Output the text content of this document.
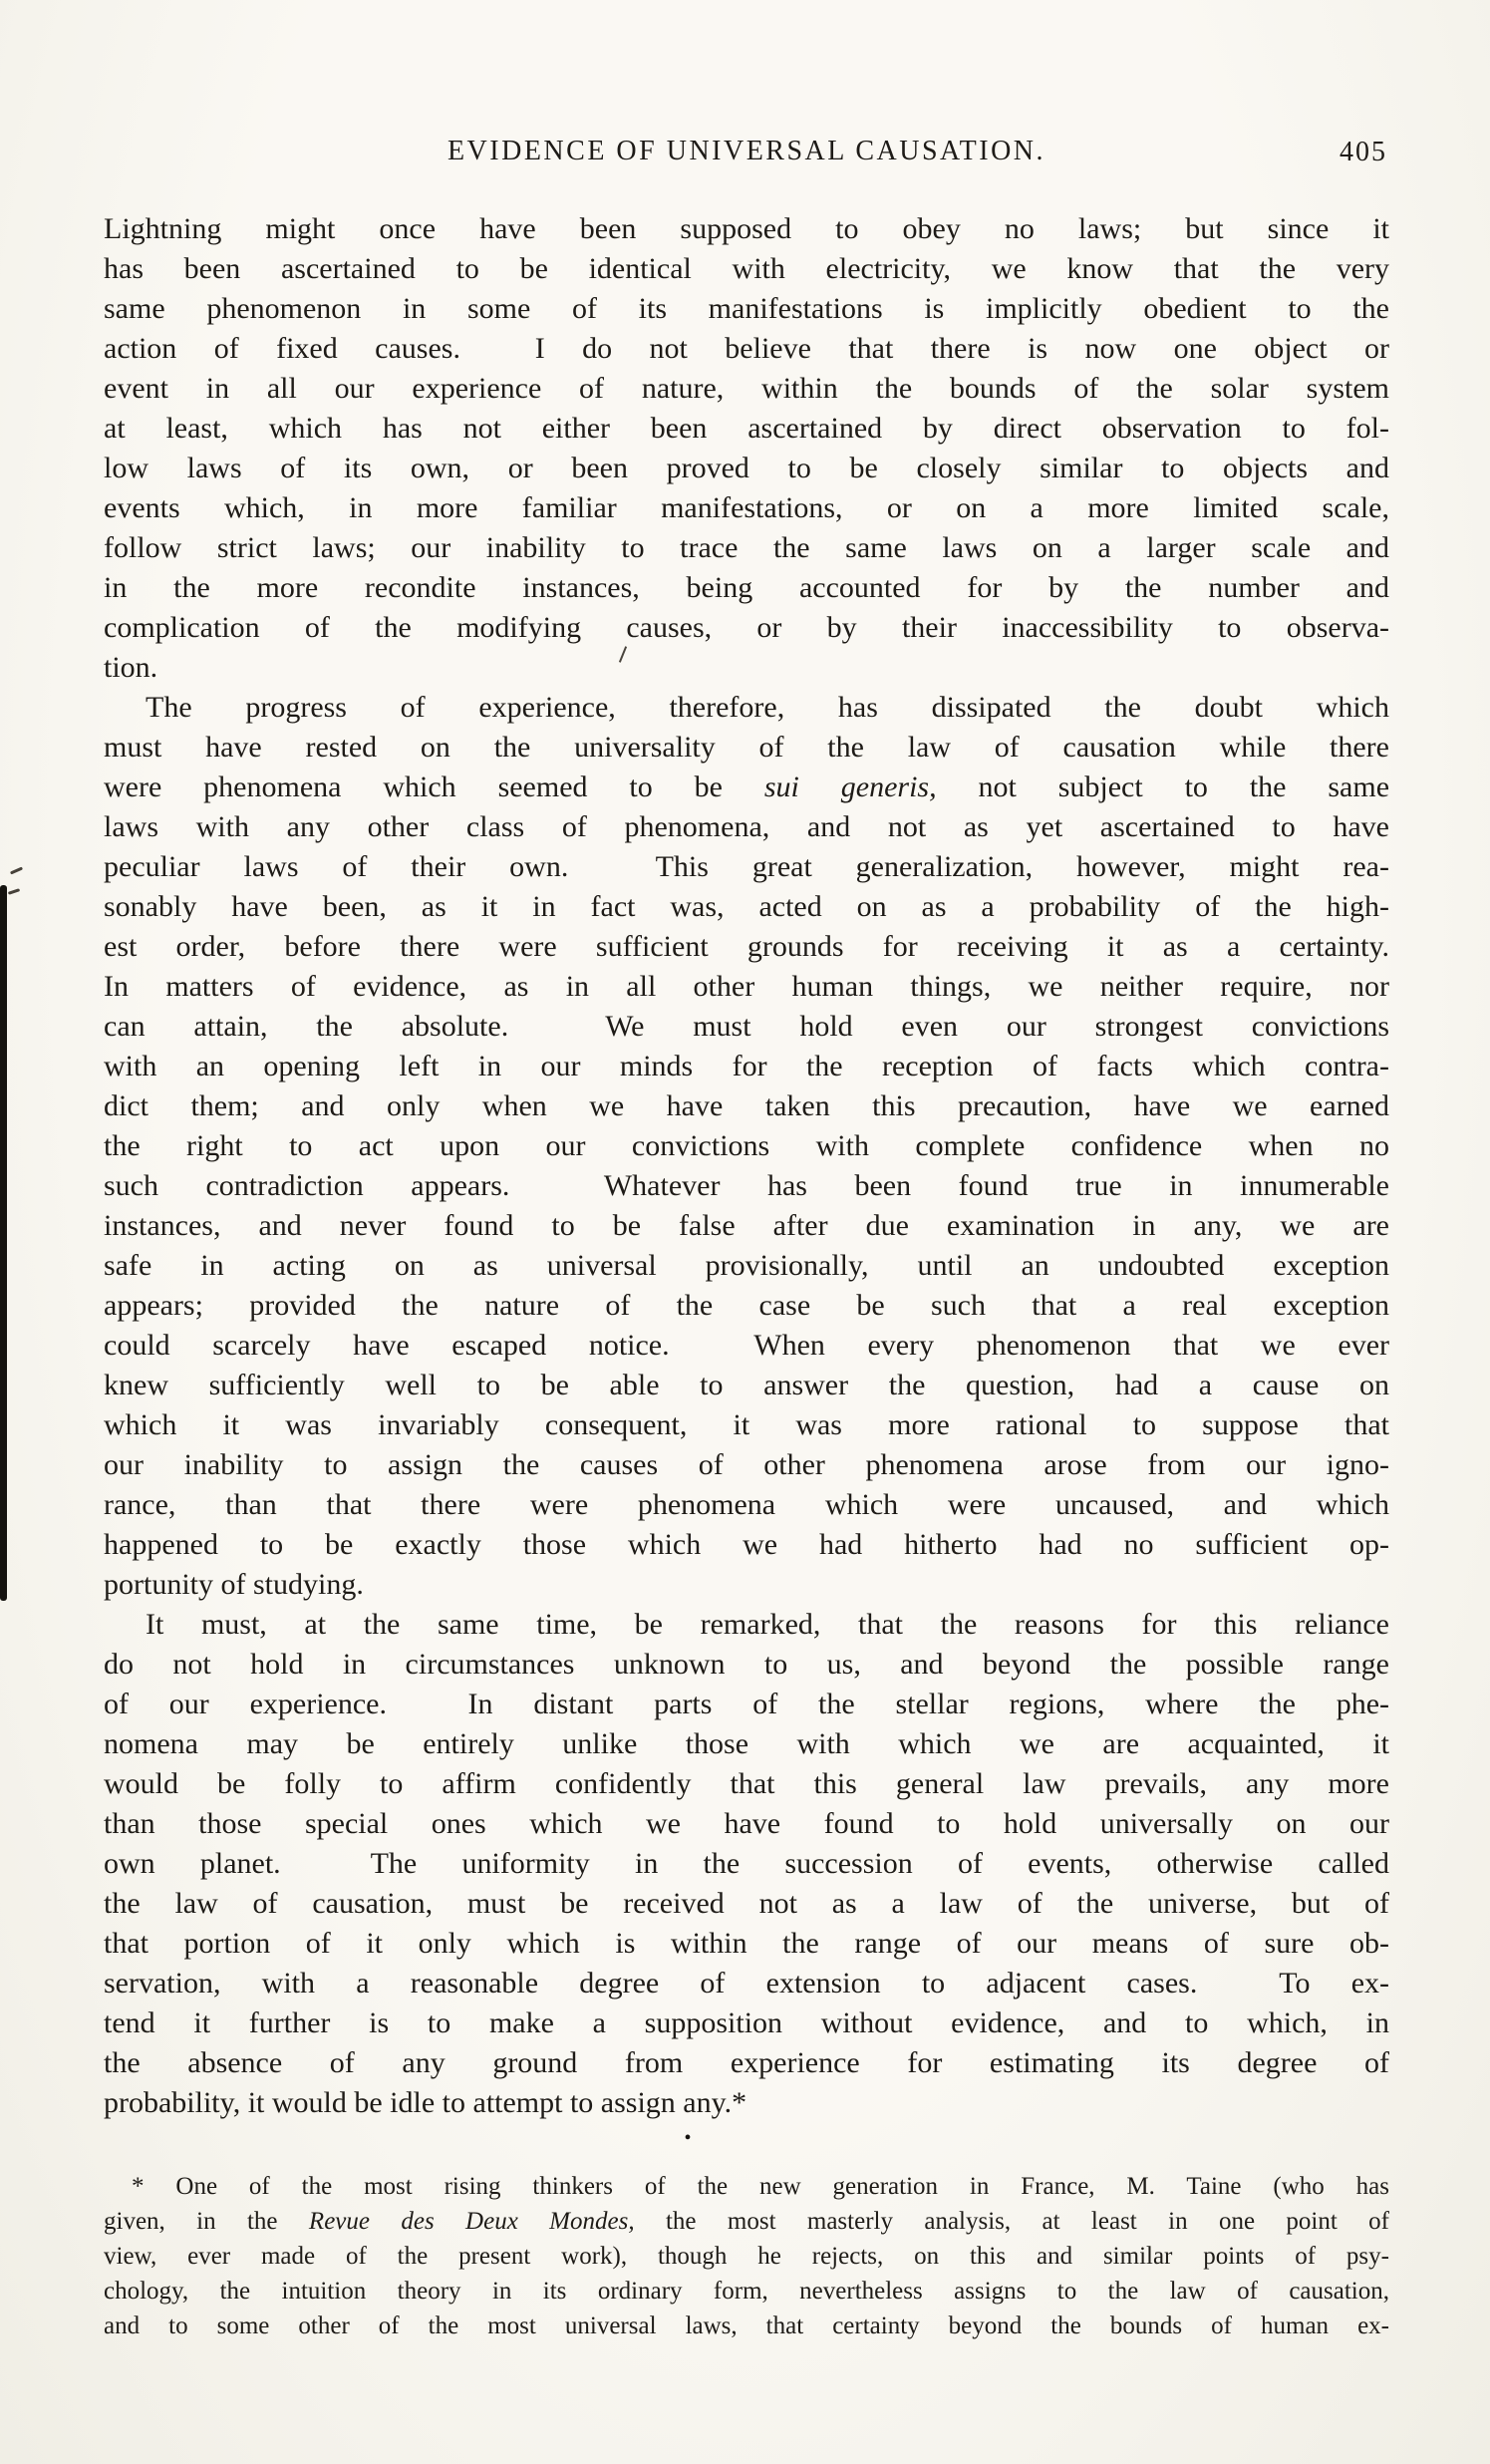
EVIDENCE OF UNIVERSAL CAUSATION.	405
Lightning might once have been supposed to obey no laws; but since it
has been ascertained to be identical with electricity, we know that the very
same phenomenon in some of its manifestations is implicitly obedient to the
action of fixed causes.  I do not believe that there is now one object or
event in all our experience of nature, within the bounds of the solar system
at least, which has not either been ascertained by direct observation to fol-
low laws of its own, or been proved to be closely similar to objects and
events which, in more familiar manifestations, or on a more limited scale,
follow strict laws; our inability to trace the same laws on a larger scale and
in the more recondite instances, being accounted for by the number and
complication of the modifying causes, or by their inaccessibility to observa-
tion.
The progress of experience, therefore, has dissipated the doubt which
must have rested on the universality of the law of causation while there
were phenomena which seemed to be sui generis, not subject to the same
laws with any other class of phenomena, and not as yet ascertained to have
peculiar laws of their own.  This great generalization, however, might rea-
sonably have been, as it in fact was, acted on as a probability of the high-
est order, before there were sufficient grounds for receiving it as a certainty.
In matters of evidence, as in all other human things, we neither require, nor
can attain, the absolute.  We must hold even our strongest convictions
with an opening left in our minds for the reception of facts which contra-
dict them; and only when we have taken this precaution, have we earned
the right to act upon our convictions with complete confidence when no
such contradiction appears.  Whatever has been found true in innumerable
instances, and never found to be false after due examination in any, we are
safe in acting on as universal provisionally, until an undoubted exception
appears; provided the nature of the case be such that a real exception
could scarcely have escaped notice.  When every phenomenon that we ever
knew sufficiently well to be able to answer the question, had a cause on
which it was invariably consequent, it was more rational to suppose that
our inability to assign the causes of other phenomena arose from our igno-
rance, than that there were phenomena which were uncaused, and which
happened to be exactly those which we had hitherto had no sufficient op-
portunity of studying.
It must, at the same time, be remarked, that the reasons for this reliance
do not hold in circumstances unknown to us, and beyond the possible range
of our experience.  In distant parts of the stellar regions, where the phe-
nomena may be entirely unlike those with which we are acquainted, it
would be folly to affirm confidently that this general law prevails, any more
than those special ones which we have found to hold universally on our
own planet.  The uniformity in the succession of events, otherwise called
the law of causation, must be received not as a law of the universe, but of
that portion of it only which is within the range of our means of sure ob-
servation, with a reasonable degree of extension to adjacent cases.  To ex-
tend it further is to make a supposition without evidence, and to which, in
the absence of any ground from experience for estimating its degree of
probability, it would be idle to attempt to assign any.*
•
* One of the most rising thinkers of the new generation in France, M. Taine (who has
given, in the Revue des Deux Mondes, the most masterly analysis, at least in one point of
view, ever made of the present work), though he rejects, on this and similar points of psy-
chology, the intuition theory in its ordinary form, nevertheless assigns to the law of causation,
and to some other of the most universal laws, that certainty beyond the bounds of human ex-
